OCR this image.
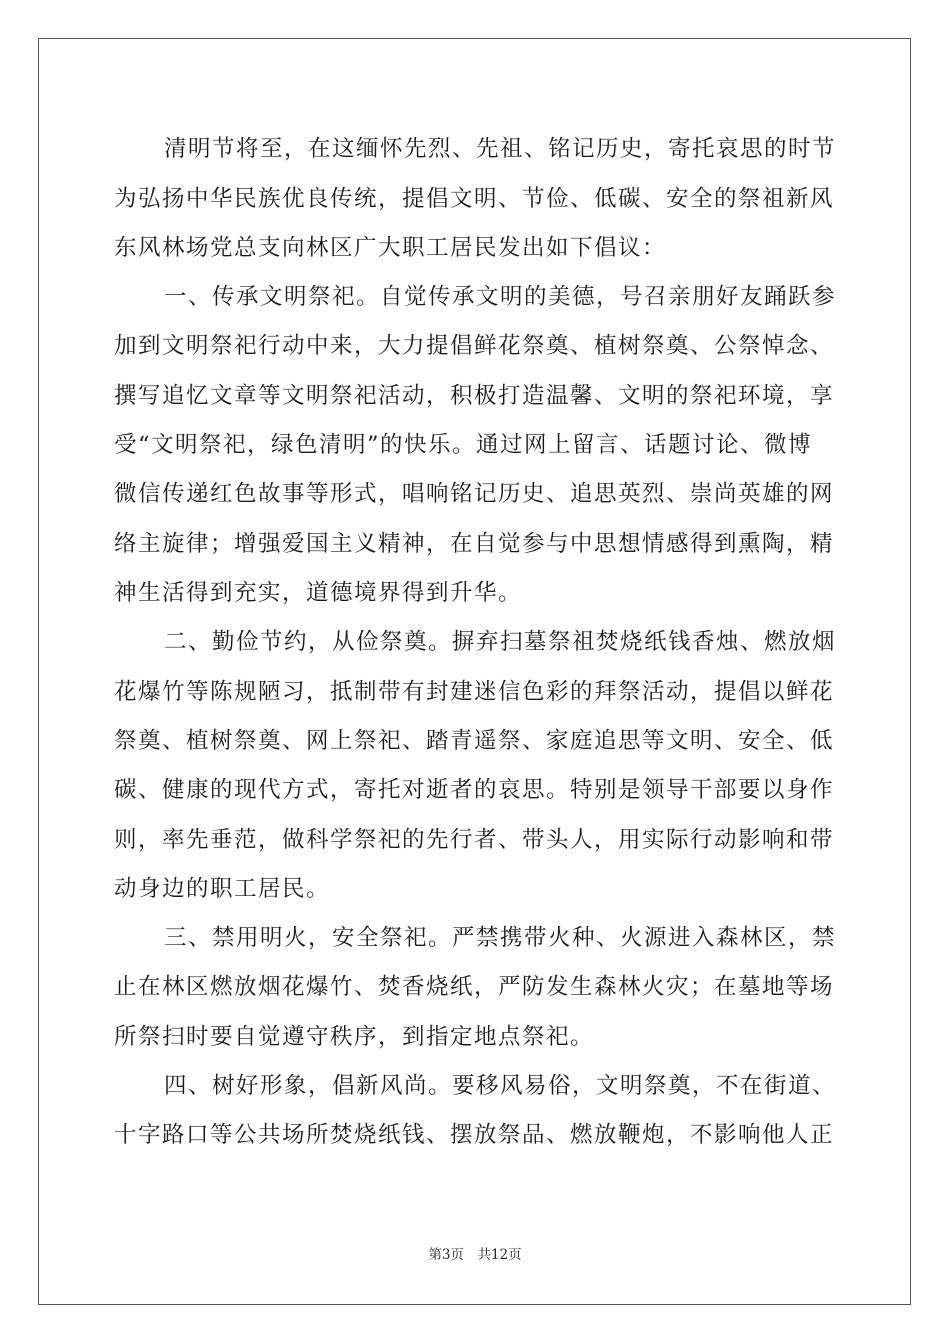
清明节将至，在这缅怀先烈、先祖、铭记历史，寄托哀思的时节
为弘扬中华民族优良传统，提倡文明、节俭、低碳、安全的祭祖新风
东风林场党总支向林区广大职工居民发出如下倡议：
一、传承文明祭祀。自觉传承文明的美德，号召亲朋好友踊跃参
加到文明祭祀行动中来，大力提倡鲜花祭奠、植树祭奠、公祭悼念、
撰写追忆文章等文明祭祀活动，积极打造温馨、文明的祭祀环境，享
受“文明祭祀，绿色清明”的快乐。通过网上留言、话题讨论、微博
微信传递红色故事等形式，唱响铭记历史、追思英烈、崇尚英雄的网
络主旋律；增强爱国主义精神，在自觉参与中思想情感得到熏陶，精
神生活得到充实，道德境界得到升华。
二、勤俭节约，从俭祭奠。摒弃扫墓祭祖焚烧纸钱香烛、燃放烟
花爆竹等陈规陋习，抵制带有封建迷信色彩的拜祭活动，提倡以鲜花
祭奠、植树祭奠、网上祭祀、踏青遥祭、家庭追思等文明、安全、低
碳、健康的现代方式，寄托对逝者的哀思。特别是领导干部要以身作
则，率先垂范，做科学祭祀的先行者、带头人，用实际行动影响和带
动身边的职工居民。
三、禁用明火，安全祭祀。严禁携带火种、火源进入森林区，禁
止在林区燃放烟花爆竹、焚香烧纸，严防发生森林火灾；在墓地等场
所祭扫时要自觉遵守秩序，到指定地点祭祀。
四、树好形象，倡新风尚。要移风易俗，文明祭奠，不在街道、
十字路口等公共场所焚烧纸钱、摆放祭品、燃放鞭炮，不影响他人正
第3页　共12页
